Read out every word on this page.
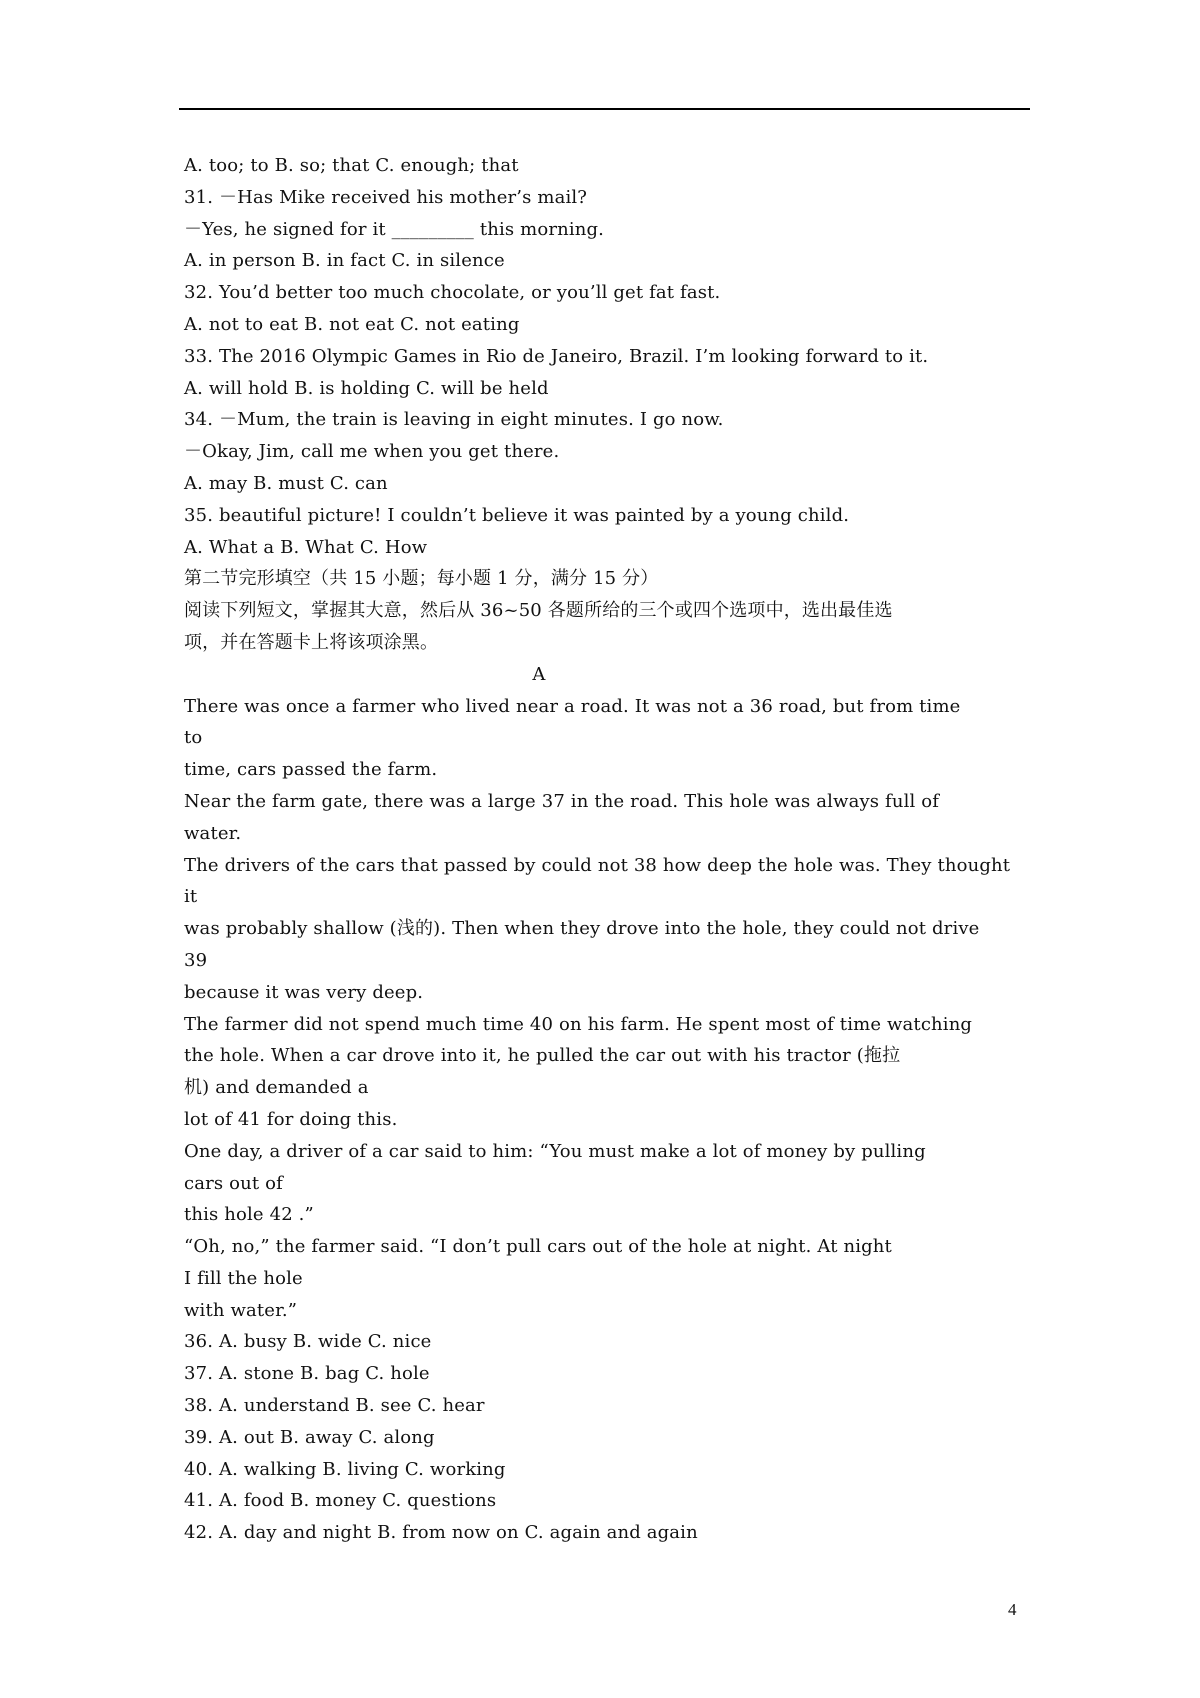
A. too; to B. so; that C. enough; that
31. －Has Mike received his mother’s mail?
－Yes, he signed for it _________ this morning.
A. in person B. in fact C. in silence
32. You’d better too much chocolate, or you’ll get fat fast.
A. not to eat B. not eat C. not eating
33. The 2016 Olympic Games in Rio de Janeiro, Brazil. I’m looking forward to it.
A. will hold B. is holding C. will be held
34. －Mum, the train is leaving in eight minutes. I go now.
－Okay, Jim, call me when you get there.
A. may B. must C. can
35. beautiful picture! I couldn’t believe it was painted by a young child.
A. What a B. What C. How
第二节完形填空（共 15 小题；每小题 1 分，满分 15 分）
阅读下列短文，掌握其大意，然后从 36~50 各题所给的三个或四个选项中，选出最佳选
项，并在答题卡上将该项涂黑。
A
There was once a farmer who lived near a road. It was not a 36 road, but from time
to
time, cars passed the farm.
Near the farm gate, there was a large 37 in the road. This hole was always full of
water.
The drivers of the cars that passed by could not 38 how deep the hole was. They thought
it
was probably shallow (浅的). Then when they drove into the hole, they could not drive
39
because it was very deep.
The farmer did not spend much time 40 on his farm. He spent most of time watching
the hole. When a car drove into it, he pulled the car out with his tractor (拖拉
机) and demanded a
lot of 41 for doing this.
One day, a driver of a car said to him: “You must make a lot of money by pulling
cars out of
this hole 42 .”
“Oh, no,” the farmer said. “I don’t pull cars out of the hole at night. At night
I fill the hole
with water.”
36. A. busy B. wide C. nice
37. A. stone B. bag C. hole
38. A. understand B. see C. hear
39. A. out B. away C. along
40. A. walking B. living C. working
41. A. food B. money C. questions
42. A. day and night B. from now on C. again and again
4
